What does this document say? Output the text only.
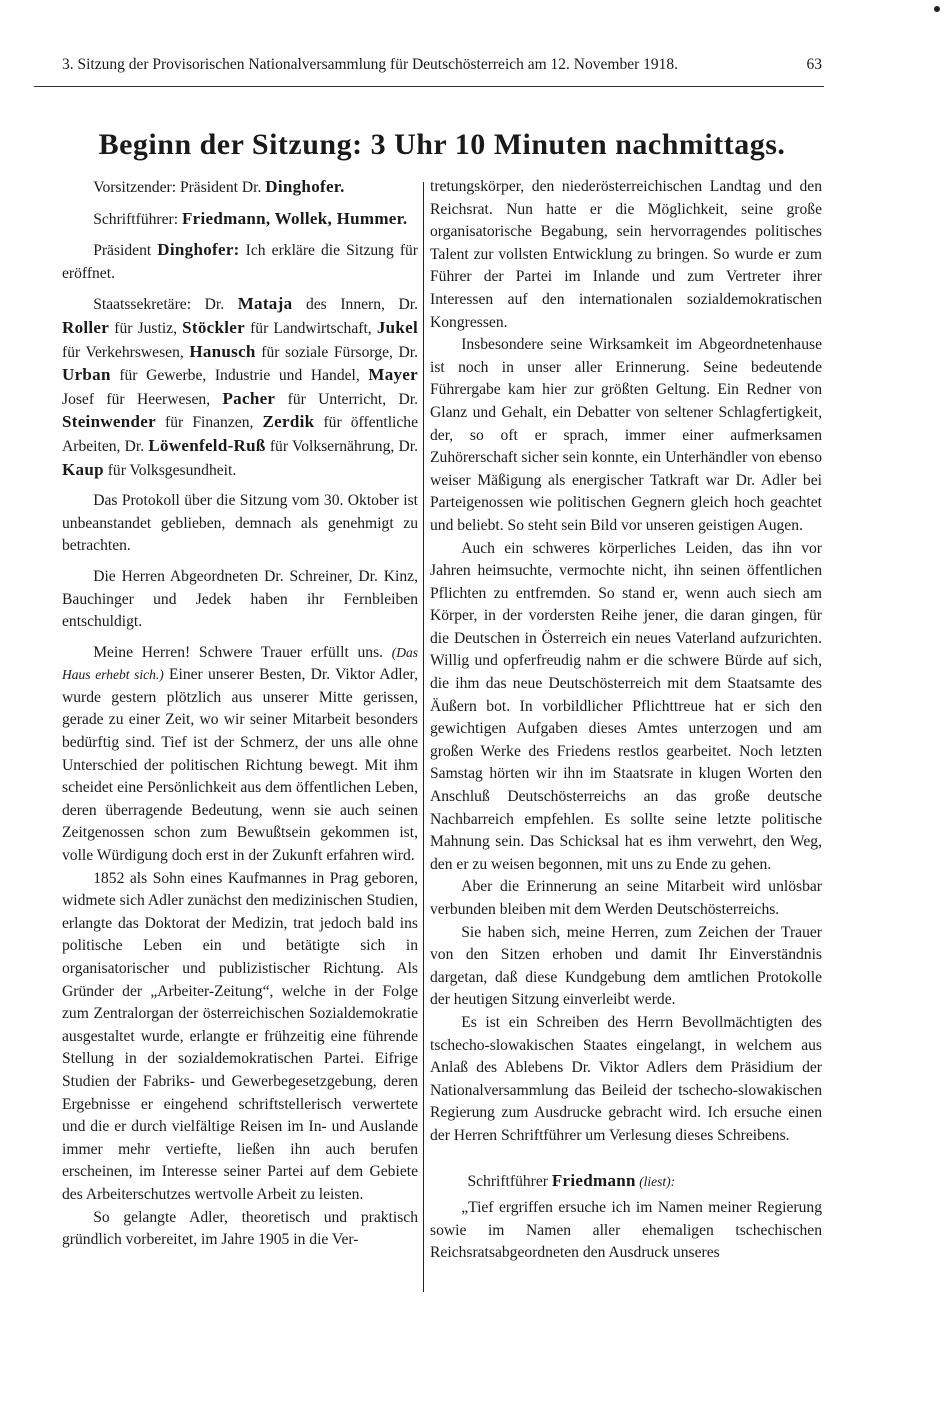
3. Sitzung der Provisorischen Nationalversammlung für Deutschösterreich am 12. November 1918.	63
Beginn der Sitzung: 3 Uhr 10 Minuten nachmittags.

Vorsitzender: Präsident Dr. Dinghofer.

Schriftführer: Friedmann, Wollek, Hummer.

Präsident Dinghofer: Ich erkläre die Sitzung für eröffnet.

Staatssekretäre: Dr. Mataja des Innern, Dr. Roller für Justiz, Stöckler für Landwirtschaft, Jukel für Verkehrswesen, Hanusch für soziale Fürsorge, Dr. Urban für Gewerbe, Industrie und Handel, Mayer Josef für Heerwesen, Pacher für Unterricht, Dr. Steinwender für Finanzen, Zerdik für öffentliche Arbeiten, Dr. Löwenfeld-Ruß für Volksernährung, Dr. Kaup für Volksgesundheit.

Das Protokoll über die Sitzung vom 30. Oktober ist unbeanstandet geblieben, demnach als genehmigt zu betrachten.

Die Herren Abgeordneten Dr. Schreiner, Dr. Kinz, Bauchinger und Jedek haben ihr Fernbleiben entschuldigt.

Meine Herren! Schwere Trauer erfüllt uns. (Das Haus erhebt sich.) Einer unserer Besten, Dr. Viktor Adler, wurde gestern plötzlich aus unserer Mitte gerissen, gerade zu einer Zeit, wo wir seiner Mitarbeit besonders bedürftig sind. Tief ist der Schmerz, der uns alle ohne Unterschied der politischen Richtung bewegt. Mit ihm scheidet eine Persönlichkeit aus dem öffentlichen Leben, deren überragende Bedeutung, wenn sie auch seinen Zeitgenossen schon zum Bewußtsein gekommen ist, volle Würdigung doch erst in der Zukunft erfahren wird.

1852 als Sohn eines Kaufmannes in Prag geboren, widmete sich Adler zunächst den medizinischen Studien, erlangte das Doktorat der Medizin, trat jedoch bald ins politische Leben ein und betätigte sich in organisatorischer und publizistischer Richtung. Als Gründer der „Arbeiter-Zeitung“, welche in der Folge zum Zentralorgan der österreichischen Sozialdemokratie ausgestaltet wurde, erlangte er frühzeitig eine führende Stellung in der sozialdemokratischen Partei. Eifrige Studien der Fabriks- und Gewerbegesetzgebung, deren Ergebnisse er eingehend schriftstellerisch verwertete und die er durch vielfältige Reisen im In- und Auslande immer mehr vertiefte, ließen ihn auch berufen erscheinen, im Interesse seiner Partei auf dem Gebiete des Arbeiterschutzes wertvolle Arbeit zu leisten.

So gelangte Adler, theoretisch und praktisch gründlich vorbereitet, im Jahre 1905 in die Ver-

tretungskörper, den niederösterreichischen Landtag und den Reichsrat. Nun hatte er die Möglichkeit, seine große organisatorische Begabung, sein hervorragendes politisches Talent zur vollsten Entwicklung zu bringen. So wurde er zum Führer der Partei im Inlande und zum Vertreter ihrer Interessen auf den internationalen sozialdemokratischen Kongressen.

Insbesondere seine Wirksamkeit im Abgeordnetenhause ist noch in unser aller Erinnerung. Seine bedeutende Führergabe kam hier zur größten Geltung. Ein Redner von Glanz und Gehalt, ein Debatter von seltener Schlagfertigkeit, der, so oft er sprach, immer einer aufmerksamen Zuhörerschaft sicher sein konnte, ein Unterhändler von ebenso weiser Mäßigung als energischer Tatkraft war Dr. Adler bei Parteigenossen wie politischen Gegnern gleich hoch geachtet und beliebt. So steht sein Bild vor unseren geistigen Augen.

Auch ein schweres körperliches Leiden, das ihn vor Jahren heimsuchte, vermochte nicht, ihn seinen öffentlichen Pflichten zu entfremden. So stand er, wenn auch siech am Körper, in der vordersten Reihe jener, die daran gingen, für die Deutschen in Österreich ein neues Vaterland aufzurichten. Willig und opferfreudig nahm er die schwere Bürde auf sich, die ihm das neue Deutschösterreich mit dem Staatsamte des Äußern bot. In vorbildlicher Pflichttreue hat er sich den gewichtigen Aufgaben dieses Amtes unterzogen und am großen Werke des Friedens restlos gearbeitet. Noch letzten Samstag hörten wir ihn im Staatsrate in klugen Worten den Anschluß Deutschösterreichs an das große deutsche Nachbarreich empfehlen. Es sollte seine letzte politische Mahnung sein. Das Schicksal hat es ihm verwehrt, den Weg, den er zu weisen begonnen, mit uns zu Ende zu gehen.

Aber die Erinnerung an seine Mitarbeit wird unlösbar verbunden bleiben mit dem Werden Deutschösterreichs.

Sie haben sich, meine Herren, zum Zeichen der Trauer von den Sitzen erhoben und damit Ihr Einverständnis dargetan, daß diese Kundgebung dem amtlichen Protokolle der heutigen Sitzung einverleibt werde.

Es ist ein Schreiben des Herrn Bevollmächtigten des tschecho-slowakischen Staates eingelangt, in welchem aus Anlaß des Ablebens Dr. Viktor Adlers dem Präsidium der Nationalversammlung das Beileid der tschecho-slowakischen Regierung zum Ausdrucke gebracht wird. Ich ersuche einen der Herren Schriftführer um Verlesung dieses Schreibens.

Schriftführer Friedmann (liest):

„Tief ergriffen ersuche ich im Namen meiner Regierung sowie im Namen aller ehemaligen tschechischen Reichsratsabgeordneten den Ausdruck unseres
